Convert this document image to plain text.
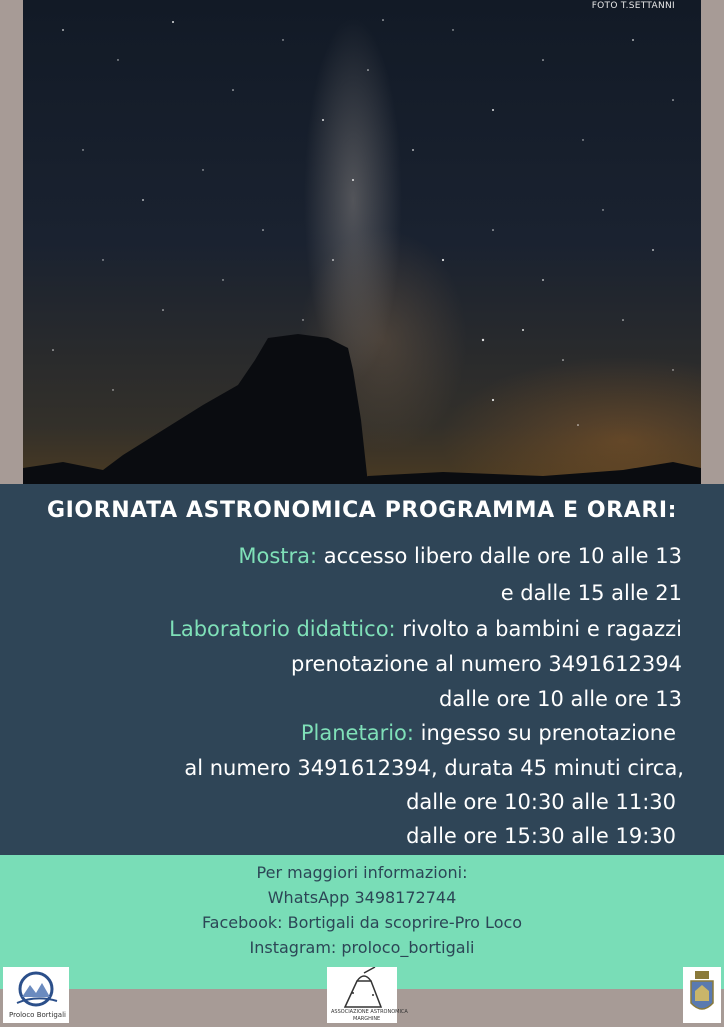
FOTO T.SETTANNI
GIORNATA ASTRONOMICA PROGRAMMA E ORARI:
Mostra: accesso libero dalle ore 10 alle 13
e dalle 15 alle 21
Laboratorio didattico: rivolto a bambini e ragazzi
prenotazione al numero 3491612394
dalle ore 10 alle ore 13
Planetario: ingesso su prenotazione
al numero 3491612394, durata 45 minuti circa,
dalle ore 10:30 alle 11:30
dalle ore 15:30 alle 19:30
Per maggiori informazioni:
WhatsApp 3498172744
Facebook: Bortigali da scoprire-Pro Loco
Instagram: proloco_bortigali
Proloco Bortigali	ASSOCIAZIONE ASTRONOMICA
MARGHINE
